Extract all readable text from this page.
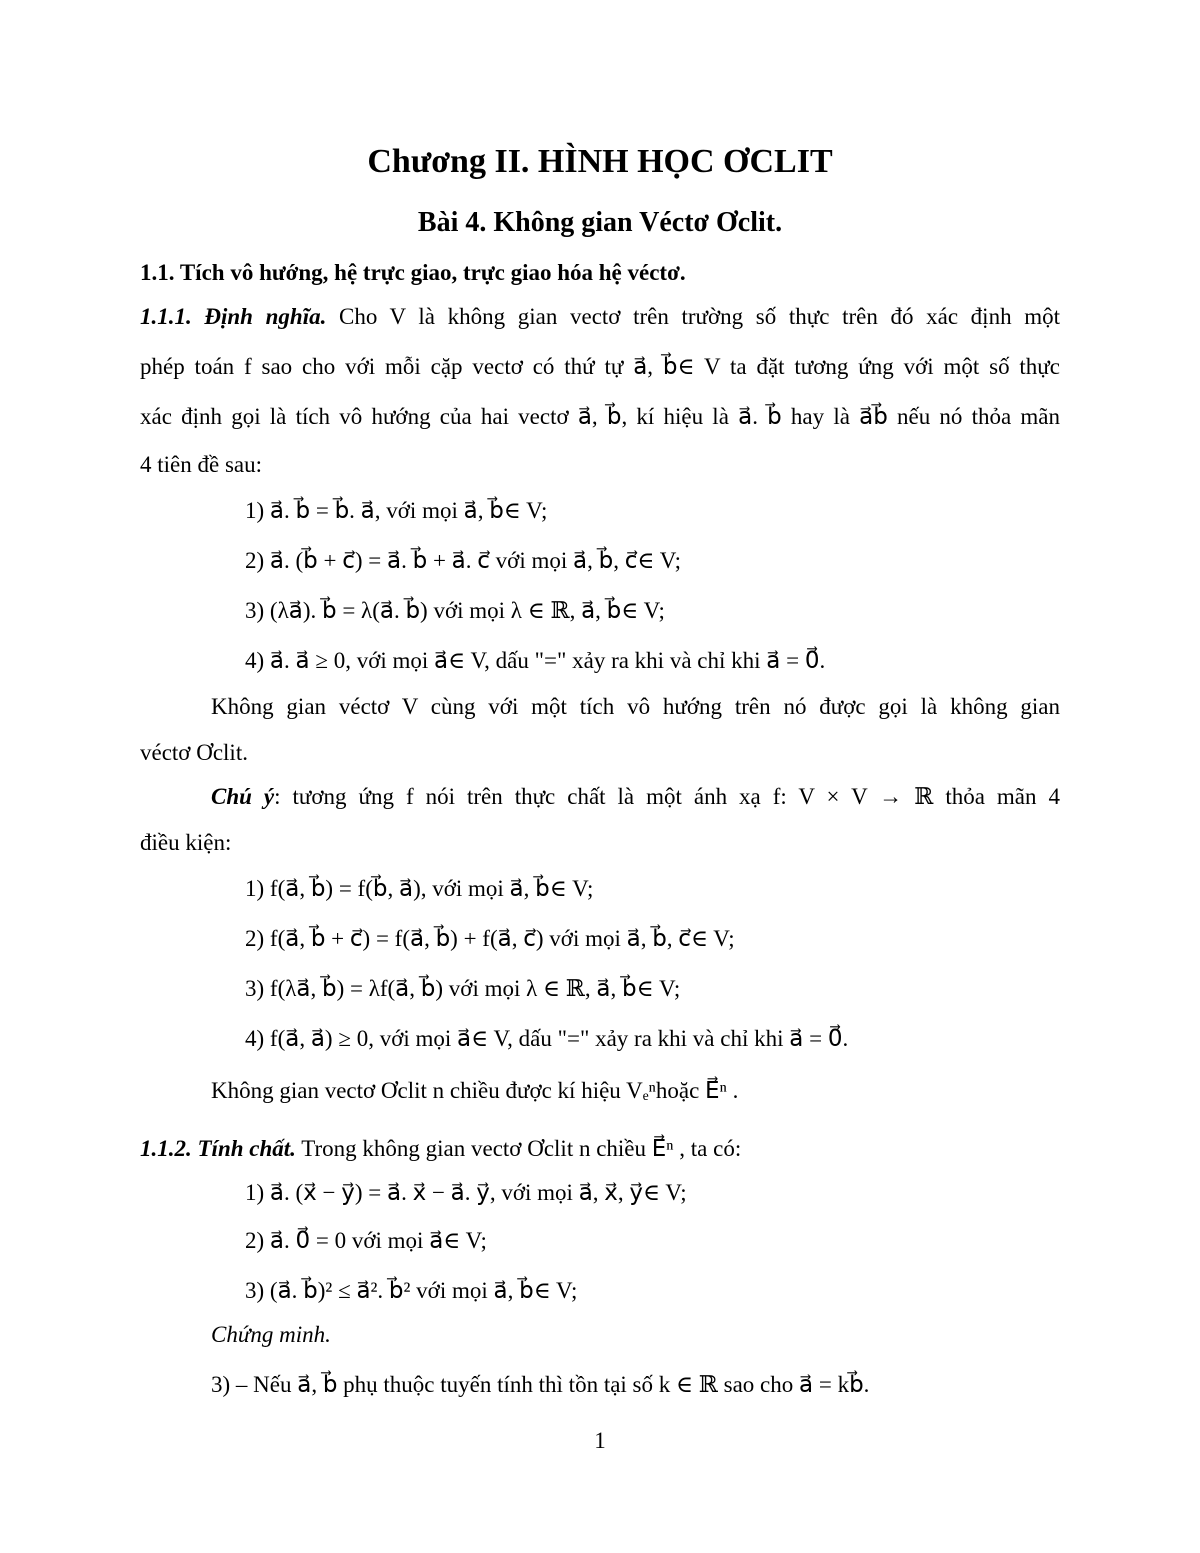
Chương II. HÌNH HỌC ƠCLIT
Bài 4. Không gian Véctơ Ơclit.
1.1. Tích vô hướng, hệ trực giao, trực giao hóa hệ véctơ.
1.1.1. Định nghĩa. Cho V là không gian vectơ trên trường số thực trên đó xác định một
phép toán f sao cho với mỗi cặp vectơ có thứ tự a⃗, b⃗∈ V ta đặt tương ứng với một số thực
xác định gọi là tích vô hướng của hai vectơ a⃗, b⃗, kí hiệu là a⃗. b⃗ hay là a⃗b⃗ nếu nó thỏa mãn
4 tiên đề sau:
1) a⃗. b⃗ = b⃗. a⃗, với mọi a⃗, b⃗∈ V;
2) a⃗. (b⃗ + c⃗) = a⃗. b⃗ + a⃗. c⃗ với mọi a⃗, b⃗, c⃗∈ V;
3) (λa⃗). b⃗ = λ(a⃗. b⃗) với mọi λ ∈ ℝ, a⃗, b⃗∈ V;
4) a⃗. a⃗ ≥ 0, với mọi a⃗∈ V, dấu "=" xảy ra khi và chỉ khi a⃗ = 0⃗.
Không gian véctơ V cùng với một tích vô hướng trên nó được gọi là không gian
véctơ Ơclit.
Chú ý: tương ứng f nói trên thực chất là một ánh xạ f: V × V → ℝ thỏa mãn 4
điều kiện:
1) f(a⃗, b⃗) = f(b⃗, a⃗), với mọi a⃗, b⃗∈ V;
2) f(a⃗, b⃗ + c⃗) = f(a⃗, b⃗) + f(a⃗, c⃗) với mọi a⃗, b⃗, c⃗∈ V;
3) f(λa⃗, b⃗) = λf(a⃗, b⃗) với mọi λ ∈ ℝ, a⃗, b⃗∈ V;
4) f(a⃗, a⃗) ≥ 0, với mọi a⃗∈ V, dấu "=" xảy ra khi và chỉ khi a⃗ = 0⃗.
Không gian vectơ Ơclit n chiều được kí hiệu Vₑⁿhoặc E⃗ⁿ .
1.1.2. Tính chất. Trong không gian vectơ Ơclit n chiều E⃗ⁿ , ta có:
1) a⃗. (x⃗ − y⃗) = a⃗. x⃗ − a⃗. y⃗, với mọi a⃗, x⃗, y⃗∈ V;
2) a⃗. 0⃗ = 0 với mọi a⃗∈ V;
3) (a⃗. b⃗)² ≤ a⃗². b⃗² với mọi a⃗, b⃗∈ V;
Chứng minh.
3) – Nếu a⃗, b⃗ phụ thuộc tuyến tính thì tồn tại số k ∈ ℝ sao cho a⃗ = kb⃗.
1
